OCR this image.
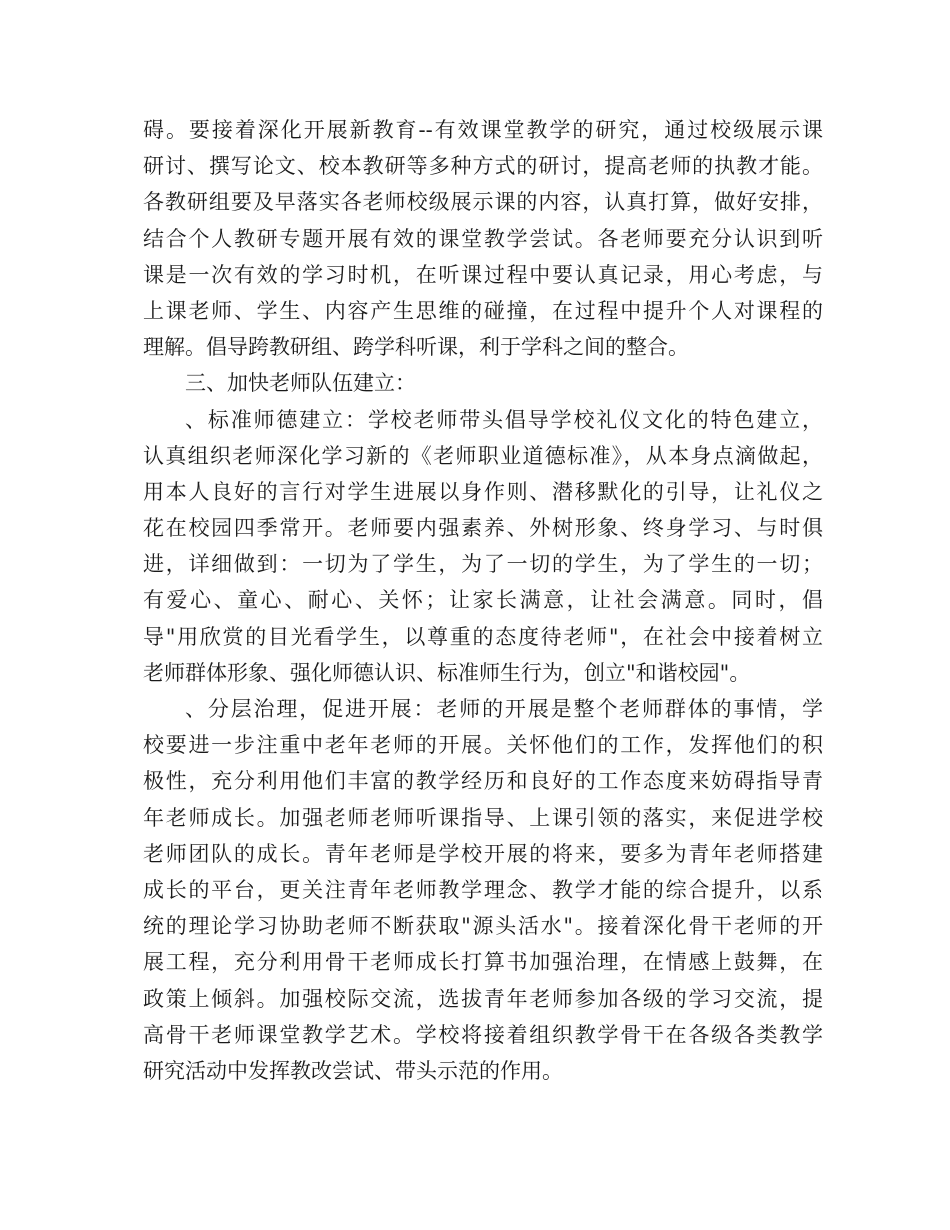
碍。要接着深化开展新教育--有效课堂教学的研究，通过校级展示课
研讨、撰写论文、校本教研等多种方式的研讨，提高老师的执教才能。
各教研组要及早落实各老师校级展示课的内容，认真打算，做好安排，
结合个人教研专题开展有效的课堂教学尝试。各老师要充分认识到听
课是一次有效的学习时机，在听课过程中要认真记录，用心考虑，与
上课老师、学生、内容产生思维的碰撞，在过程中提升个人对课程的
理解。倡导跨教研组、跨学科听课，利于学科之间的整合。
三、加快老师队伍建立：
、标准师德建立：学校老师带头倡导学校礼仪文化的特色建立，
认真组织老师深化学习新的《老师职业道德标准》，从本身点滴做起，
用本人良好的言行对学生进展以身作则、潜移默化的引导，让礼仪之
花在校园四季常开。老师要内强素养、外树形象、终身学习、与时俱
进，详细做到：一切为了学生，为了一切的学生，为了学生的一切；
有爱心、童心、耐心、关怀；让家长满意，让社会满意。同时，倡
导"用欣赏的目光看学生，以尊重的态度待老师"，在社会中接着树立
老师群体形象、强化师德认识、标准师生行为，创立"和谐校园"。
、分层治理，促进开展：老师的开展是整个老师群体的事情，学
校要进一步注重中老年老师的开展。关怀他们的工作，发挥他们的积
极性，充分利用他们丰富的教学经历和良好的工作态度来妨碍指导青
年老师成长。加强老师老师听课指导、上课引领的落实，来促进学校
老师团队的成长。青年老师是学校开展的将来，要多为青年老师搭建
成长的平台，更关注青年老师教学理念、教学才能的综合提升，以系
统的理论学习协助老师不断获取"源头活水"。接着深化骨干老师的开
展工程，充分利用骨干老师成长打算书加强治理，在情感上鼓舞，在
政策上倾斜。加强校际交流，选拔青年老师参加各级的学习交流，提
高骨干老师课堂教学艺术。学校将接着组织教学骨干在各级各类教学
研究活动中发挥教改尝试、带头示范的作用。
